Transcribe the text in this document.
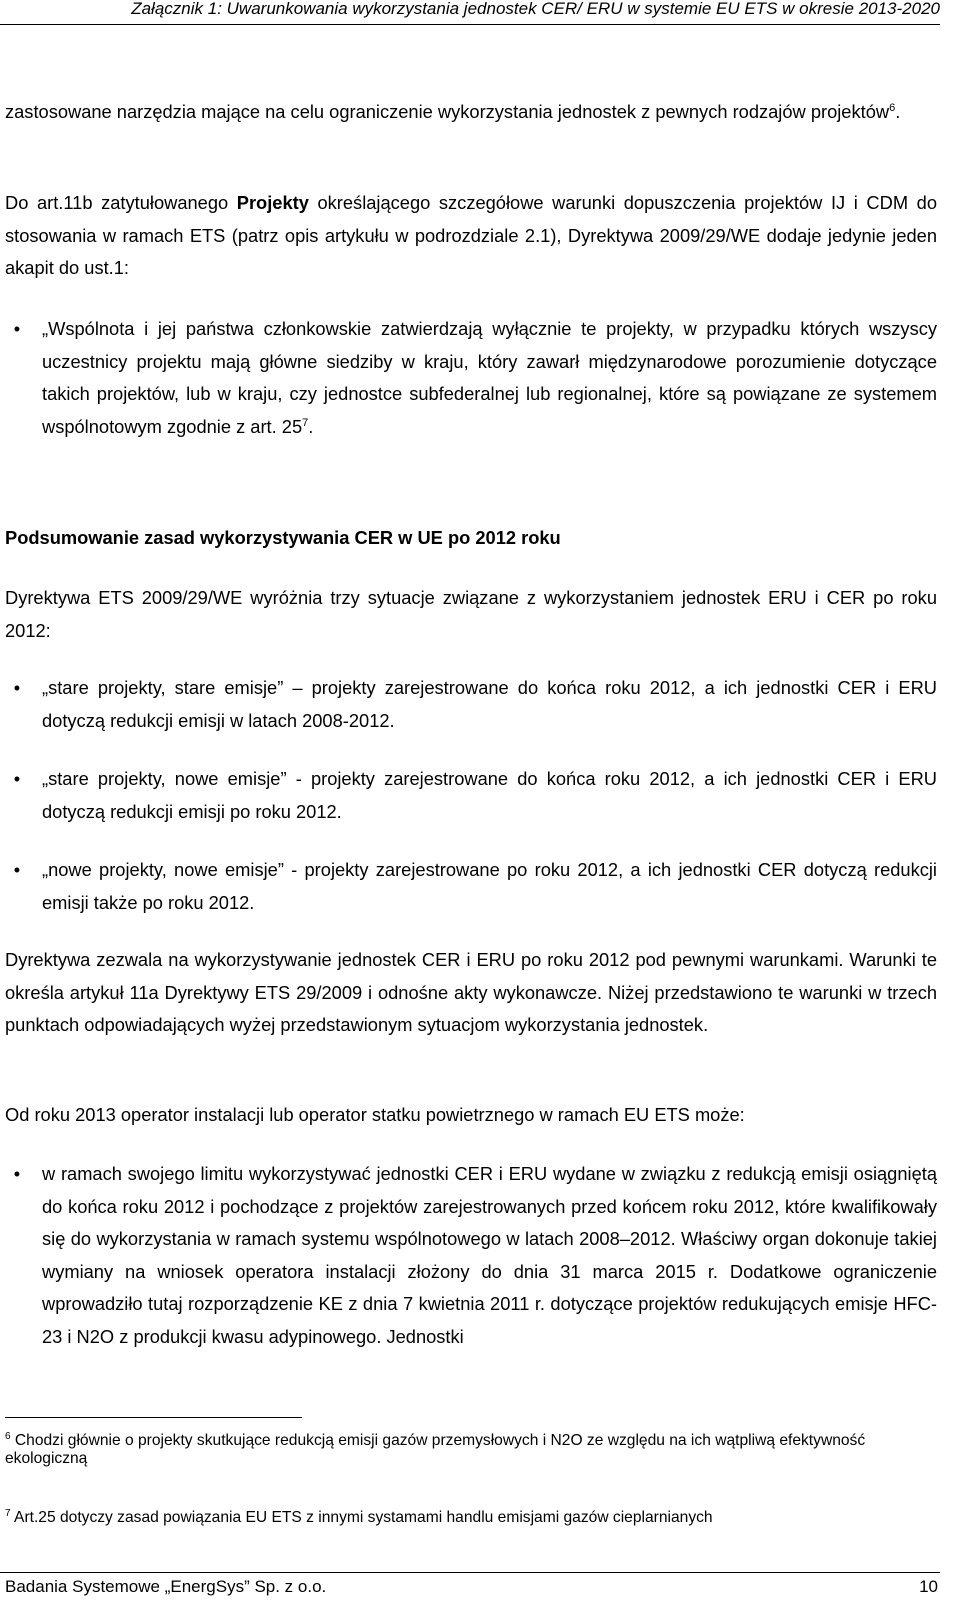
Załącznik 1: Uwarunkowania wykorzystania jednostek CER/ ERU w systemie EU ETS w okresie 2013-2020

zastosowane narzędzia mające na celu ograniczenie wykorzystania jednostek z pewnych rodzajów projektów$^6$.

Do art.11b zatytułowanego Projekty określającego szczegółowe warunki dopuszczenia projektów IJ i CDM do stosowania w ramach ETS (patrz opis artykułu w podrozdziale 2.1), Dyrektywa 2009/29/WE dodaje jedynie jeden akapit do ust.1:

•	„Wspólnota i jej państwa członkowskie zatwierdzają wyłącznie te projekty, w przypadku których wszyscy uczestnicy projektu mają główne siedziby w kraju, który zawarł międzynarodowe porozumienie dotyczące takich projektów, lub w kraju, czy jednostce subfederalnej lub regionalnej, które są powiązane ze systemem wspólnotowym zgodnie z art. $25^7$.

Podsumowanie zasad wykorzystywania CER w UE po 2012 roku

Dyrektywa ETS 2009/29/WE wyróżnia trzy sytuacje związane z wykorzystaniem jednostek ERU i CER po roku 2012:

•	„stare projekty, stare emisje” – projekty zarejestrowane do końca roku 2012, a ich jednostki CER i ERU dotyczą redukcji emisji w latach 2008-2012.
•	„stare projekty, nowe emisje” - projekty zarejestrowane do końca roku 2012, a ich jednostki CER i ERU dotyczą redukcji emisji po roku 2012.
•	„nowe projekty, nowe emisje” - projekty zarejestrowane po roku 2012, a ich jednostki CER dotyczą redukcji emisji także po roku 2012.

Dyrektywa zezwala na wykorzystywanie jednostek CER i ERU po roku 2012 pod pewnymi warunkami. Warunki te określa artykuł 11a Dyrektywy ETS 29/2009 i odnośne akty wykonawcze. Niżej przedstawiono te warunki w trzech punktach odpowiadających wyżej przedstawionym sytuacjom wykorzystania jednostek.

Od roku 2013 operator instalacji lub operator statku powietrznego w ramach EU ETS może:

•	w ramach swojego limitu wykorzystywać jednostki CER i ERU wydane w związku z redukcją emisji osiągniętą do końca roku 2012 i pochodzące z projektów zarejestrowanych przed końcem roku 2012, które kwalifikowały się do wykorzystania w ramach systemu wspólnotowego w latach 2008–2012. Właściwy organ dokonuje takiej wymiany na wniosek operatora instalacji złożony do dnia 31 marca 2015 r. Dodatkowe ograniczenie wprowadziło tutaj rozporządzenie KE z dnia 7 kwietnia 2011 r. dotyczące projektów redukujących emisje HFC-23 i N2O z produkcji kwasu adypinowego. Jednostki
$^6$ Chodzi głównie o projekty skutkujące redukcją emisji gazów przemysłowych i N2O ze względu na ich wątpliwą efektywność ekologiczną
$^7$ Art.25 dotyczy zasad powiązania EU ETS z innymi systamami handlu emisjami gazów cieplarnianych
Badania Systemowe „EnergSys” Sp. z o.o.	10
